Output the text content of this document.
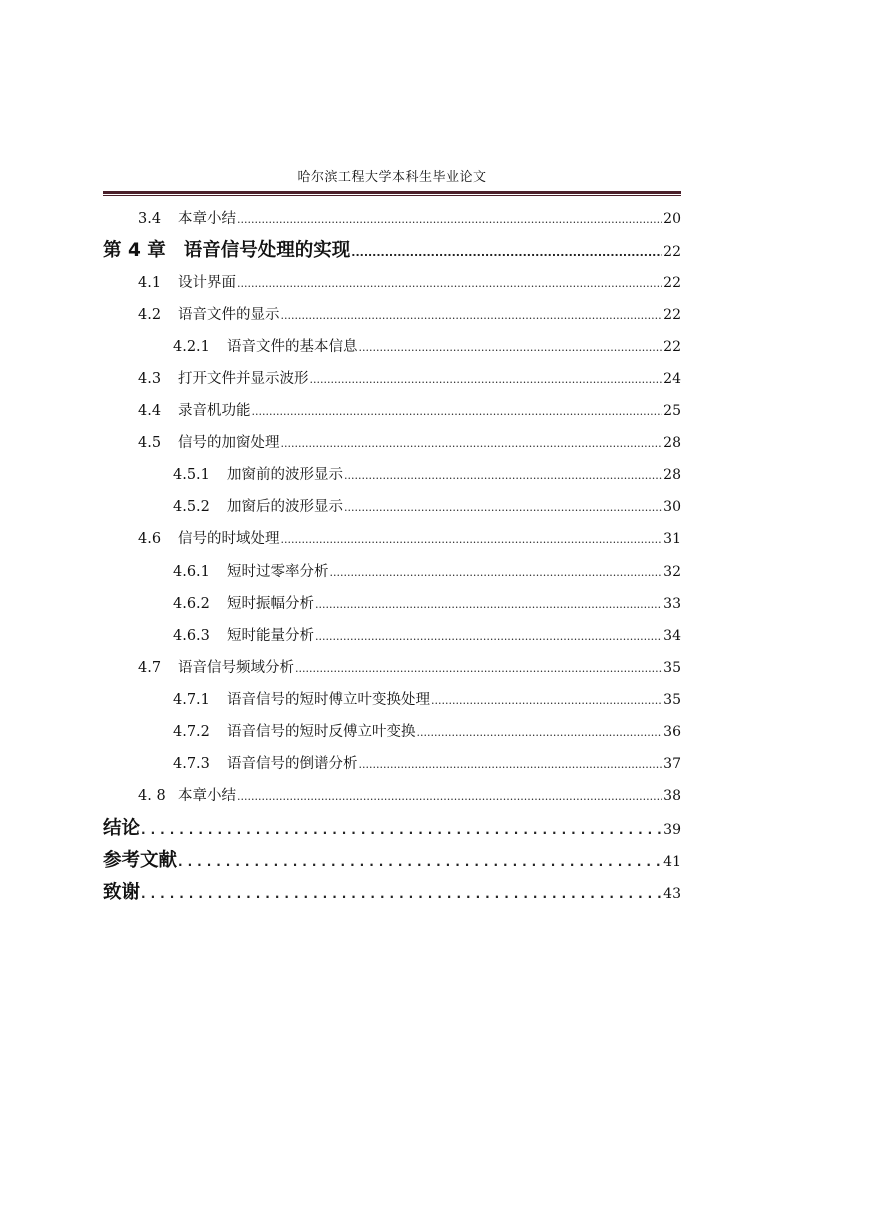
哈尔滨工程大学本科生毕业论文
3.4	本章小结 .....	20
第 4 章 语音信号处理的实现 .....	22
4.1	设计界面 .....	22
4.2	语音文件的显示 .....	22
4.2.1	语音文件的基本信息 .....	22
4.3	打开文件并显示波形 .....	24
4.4	录音机功能 .....	25
4.5	信号的加窗处理 .....	28
4.5.1	加窗前的波形显示 .....	28
4.5.2	加窗后的波形显示 .....	30
4.6	信号的时域处理 .....	31
4.6.1	短时过零率分析 .....	32
4.6.2	短时振幅分析 .....	33
4.6.3	短时能量分析 .....	34
4.7	语音信号频域分析 .....	35
4.7.1	语音信号的短时傅立叶变换处理 .....	35
4.7.2	语音信号的短时反傅立叶变换 .....	36
4.7.3	语音信号的倒谱分析 .....	37
4. 8 本章小结 .....	38
结论 .....	39
参考文献 .....	41
致谢 .....	43
